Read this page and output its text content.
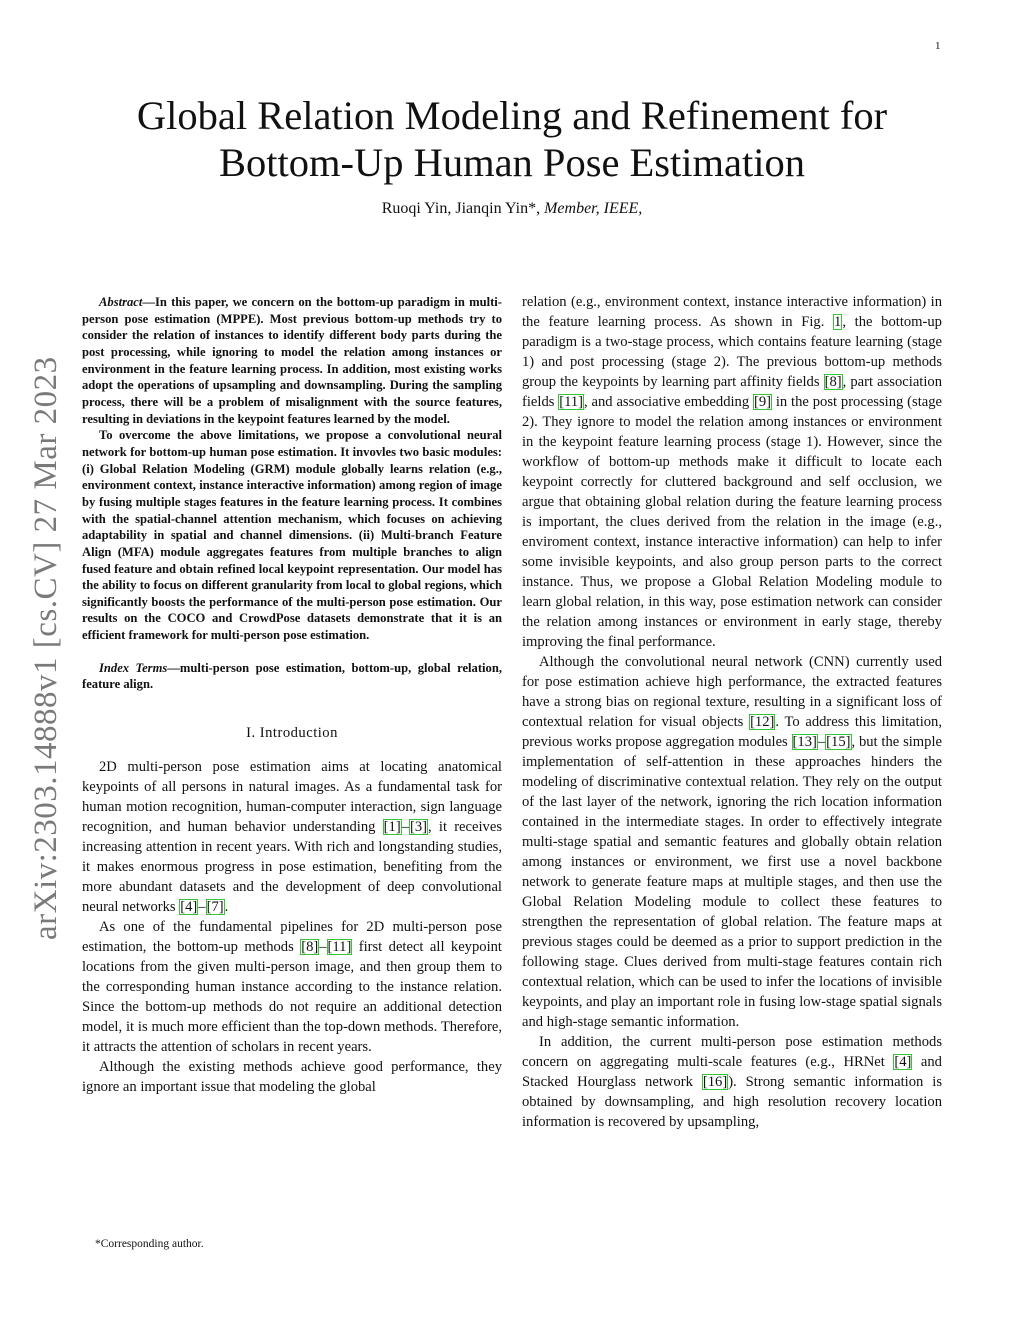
1
arXiv:2303.14888v1 [cs.CV] 27 Mar 2023
Global Relation Modeling and Refinement for
Bottom-Up Human Pose Estimation
Ruoqi Yin, Jianqin Yin*, Member, IEEE,

Abstract—In this paper, we concern on the bottom-up paradigm in multi-person pose estimation (MPPE). Most previous bottom-up methods try to consider the relation of instances to identify different body parts during the post processing, while ignoring to model the relation among instances or environment in the feature learning process. In addition, most existing works adopt the operations of upsampling and downsampling. During the sampling process, there will be a problem of misalignment with the source features, resulting in deviations in the keypoint features learned by the model.

To overcome the above limitations, we propose a convolutional neural network for bottom-up human pose estimation. It invovles two basic modules: (i) Global Relation Modeling (GRM) module globally learns relation (e.g., environment context, instance interactive information) among region of image by fusing multiple stages features in the feature learning process. It combines with the spatial-channel attention mechanism, which focuses on achieving adaptability in spatial and channel dimensions. (ii) Multi-branch Feature Align (MFA) module aggregates features from multiple branches to align fused feature and obtain refined local keypoint representation. Our model has the ability to focus on different granularity from local to global regions, which significantly boosts the performance of the multi-person pose estimation. Our results on the COCO and CrowdPose datasets demonstrate that it is an efficient framework for multi-person pose estimation.

Index Terms—multi-person pose estimation, bottom-up, global relation, feature align.

I. Introduction

2D multi-person pose estimation aims at locating anatomical keypoints of all persons in natural images. As a fundamental task for human motion recognition, human-computer interaction, sign language recognition, and human behavior understanding [1]–[3], it receives increasing attention in recent years. With rich and longstanding studies, it makes enormous progress in pose estimation, benefiting from the more abundant datasets and the development of deep convolutional neural networks [4]–[7].

As one of the fundamental pipelines for 2D multi-person pose estimation, the bottom-up methods [8]–[11] first detect all keypoint locations from the given multi-person image, and then group them to the corresponding human instance according to the instance relation. Since the bottom-up methods do not require an additional detection model, it is much more efficient than the top-down methods. Therefore, it attracts the attention of scholars in recent years.

Although the existing methods achieve good performance, they ignore an important issue that modeling the global

relation (e.g., environment context, instance interactive information) in the feature learning process. As shown in Fig. 1, the bottom-up paradigm is a two-stage process, which contains feature learning (stage 1) and post processing (stage 2). The previous bottom-up methods group the keypoints by learning part affinity fields [8], part association fields [11], and associative embedding [9] in the post processing (stage 2). They ignore to model the relation among instances or environment in the keypoint feature learning process (stage 1). However, since the workflow of bottom-up methods make it difficult to locate each keypoint correctly for cluttered background and self occlusion, we argue that obtaining global relation during the feature learning process is important, the clues derived from the relation in the image (e.g., enviroment context, instance interactive information) can help to infer some invisible keypoints, and also group person parts to the correct instance. Thus, we propose a Global Relation Modeling module to learn global relation, in this way, pose estimation network can consider the relation among instances or environment in early stage, thereby improving the final performance.

Although the convolutional neural network (CNN) currently used for pose estimation achieve high performance, the extracted features have a strong bias on regional texture, resulting in a significant loss of contextual relation for visual objects [12]. To address this limitation, previous works propose aggregation modules [13]–[15], but the simple implementation of self-attention in these approaches hinders the modeling of discriminative contextual relation. They rely on the output of the last layer of the network, ignoring the rich location information contained in the intermediate stages. In order to effectively integrate multi-stage spatial and semantic features and globally obtain relation among instances or environment, we first use a novel backbone network to generate feature maps at multiple stages, and then use the Global Relation Modeling module to collect these features to strengthen the representation of global relation. The feature maps at previous stages could be deemed as a prior to support prediction in the following stage. Clues derived from multi-stage features contain rich contextual relation, which can be used to infer the locations of invisible keypoints, and play an important role in fusing low-stage spatial signals and high-stage semantic information.

In addition, the current multi-person pose estimation methods concern on aggregating multi-scale features (e.g., HRNet [4] and Stacked Hourglass network [16]). Strong semantic information is obtained by downsampling, and high resolution recovery location information is recovered by upsampling,

*Corresponding author.
